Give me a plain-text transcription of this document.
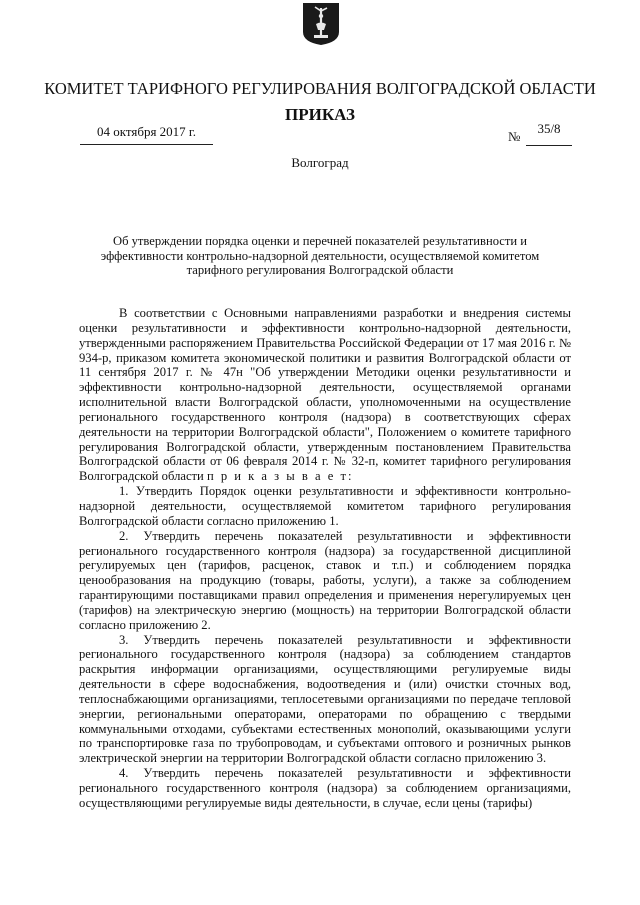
КОМИТЕТ ТАРИФНОГО РЕГУЛИРОВАНИЯ ВОЛГОГРАДСКОЙ ОБЛАСТИ
ПРИКАЗ
04 октября 2017 г.	№
35/8
Волгоград
Об утверждении порядка оценки и перечней показателей результативности и эффективности контрольно-надзорной деятельности, осуществляемой комитетом тарифного регулирования Волгоградской области

В соответствии с Основными направлениями разработки и внедрения системы оценки результативности и эффективности контрольно-надзорной деятельности, утвержденными распоряжением Правительства Российской Федерации от 17 мая 2016 г. № 934-р, приказом комитета экономической политики и развития Волгоградской области от 11 сентября 2017 г. № 47н "Об утверждении Методики оценки результативности и эффективности контрольно-надзорной деятельности, осуществляемой органами исполнительной власти Волгоградской области, уполномоченными на осуществление регионального государственного контроля (надзора) в соответствующих сферах деятельности на территории Волгоградской области", Положением о комитете тарифного регулирования Волгоградской области, утвержденным постановлением Правительства Волгоградской области от 06 февраля 2014 г. № 32-п, комитет тарифного регулирования Волгоградской области п р и к а з ы в а е т:

1. Утвердить Порядок оценки результативности и эффективности контрольно-надзорной деятельности, осуществляемой комитетом тарифного регулирования Волгоградской области согласно приложению 1.

2. Утвердить перечень показателей результативности и эффективности регионального государственного контроля (надзора) за государственной дисциплиной регулируемых цен (тарифов, расценок, ставок и т.п.) и соблюдением порядка ценообразования на продукцию (товары, работы, услуги), а также за соблюдением гарантирующими поставщиками правил определения и применения нерегулируемых цен (тарифов) на электрическую энергию (мощность) на территории Волгоградской области согласно приложению 2.

3. Утвердить перечень показателей результативности и эффективности регионального государственного контроля (надзора) за соблюдением стандартов раскрытия информации организациями, осуществляющими регулируемые виды деятельности в сфере водоснабжения, водоотведения и (или) очистки сточных вод, теплоснабжающими организациями, теплосетевыми организациями по передаче тепловой энергии, региональными операторами, операторами по обращению с твердыми коммунальными отходами, субъектами естественных монополий, оказывающими услуги по транспортировке газа по трубопроводам, и субъектами оптового и розничных рынков электрической энергии на территории Волгоградской области согласно приложению 3.

4. Утвердить перечень показателей результативности и эффективности регионального государственного контроля (надзора) за соблюдением организациями, осуществляющими регулируемые виды деятельности, в случае, если цены (тарифы)
